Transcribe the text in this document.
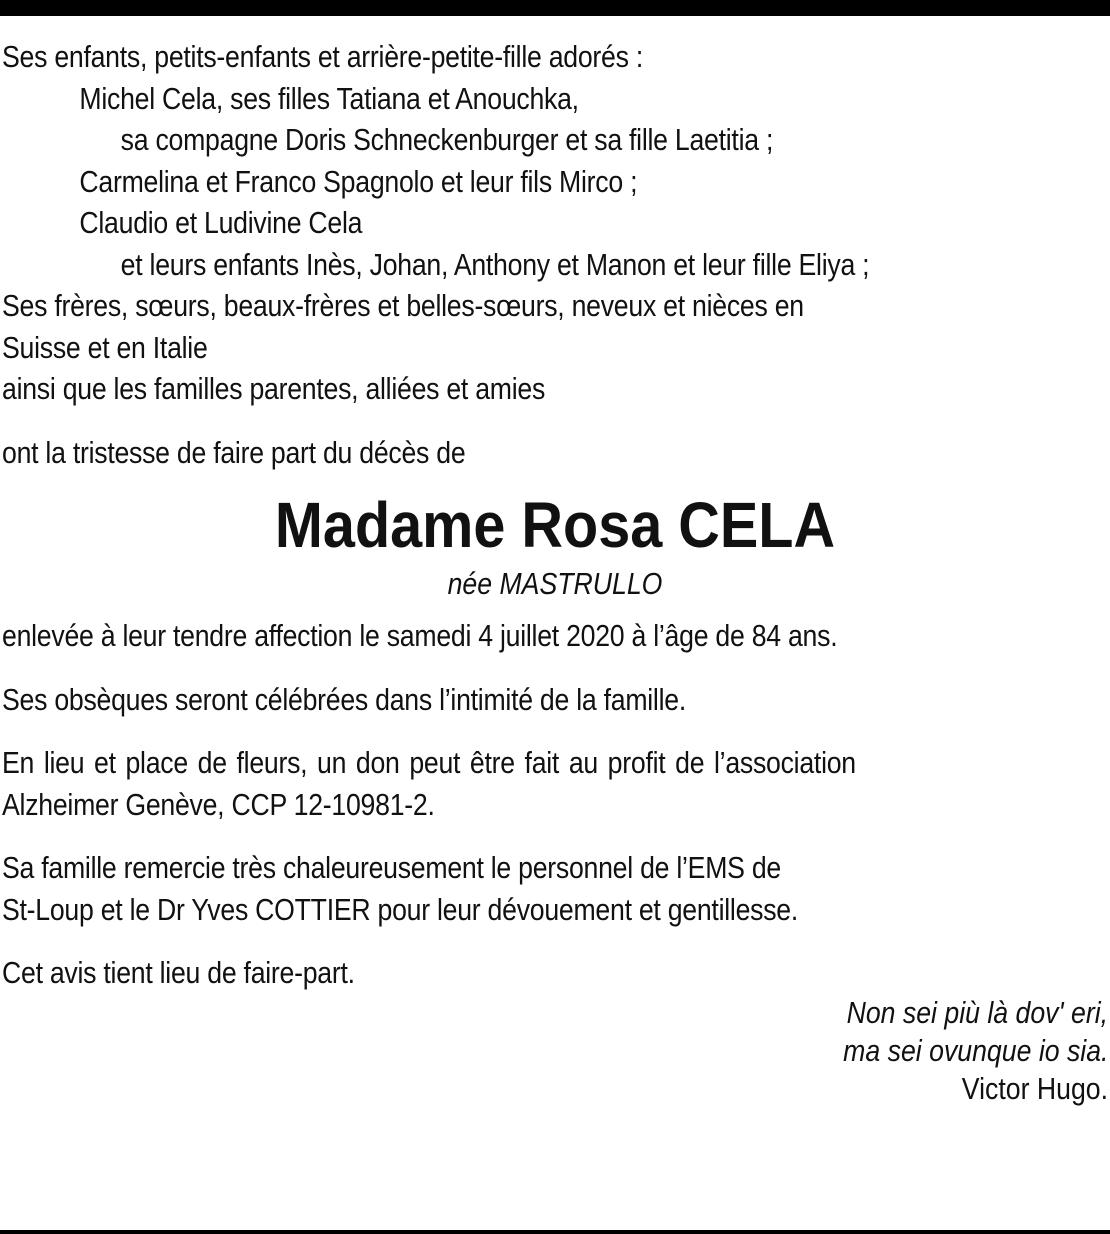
Ses enfants, petits-enfants et arrière-petite-fille adorés :
Michel Cela, ses filles Tatiana et Anouchka,
sa compagne Doris Schneckenburger et sa fille Laetitia ;
Carmelina et Franco Spagnolo et leur fils Mirco ;
Claudio et Ludivine Cela
et leurs enfants Inès, Johan, Anthony et Manon et leur fille Eliya ;
Ses frères, sœurs, beaux-frères et belles-sœurs, neveux et nièces en
Suisse et en Italie
ainsi que les familles parentes, alliées et amies
ont la tristesse de faire part du décès de
Madame Rosa CELA
née MASTRULLO
enlevée à leur tendre affection le samedi 4 juillet 2020 à l’âge de 84 ans.
Ses obsèques seront célébrées dans l’intimité de la famille.
En lieu et place de fleurs, un don peut être fait au profit de l’association
Alzheimer Genève, CCP 12-10981-2.
Sa famille remercie très chaleureusement le personnel de l’EMS de
St-Loup et le Dr Yves COTTIER pour leur dévouement et gentillesse.
Cet avis tient lieu de faire-part.
Non sei più là dov' eri,
ma sei ovunque io sia.
Victor Hugo.
